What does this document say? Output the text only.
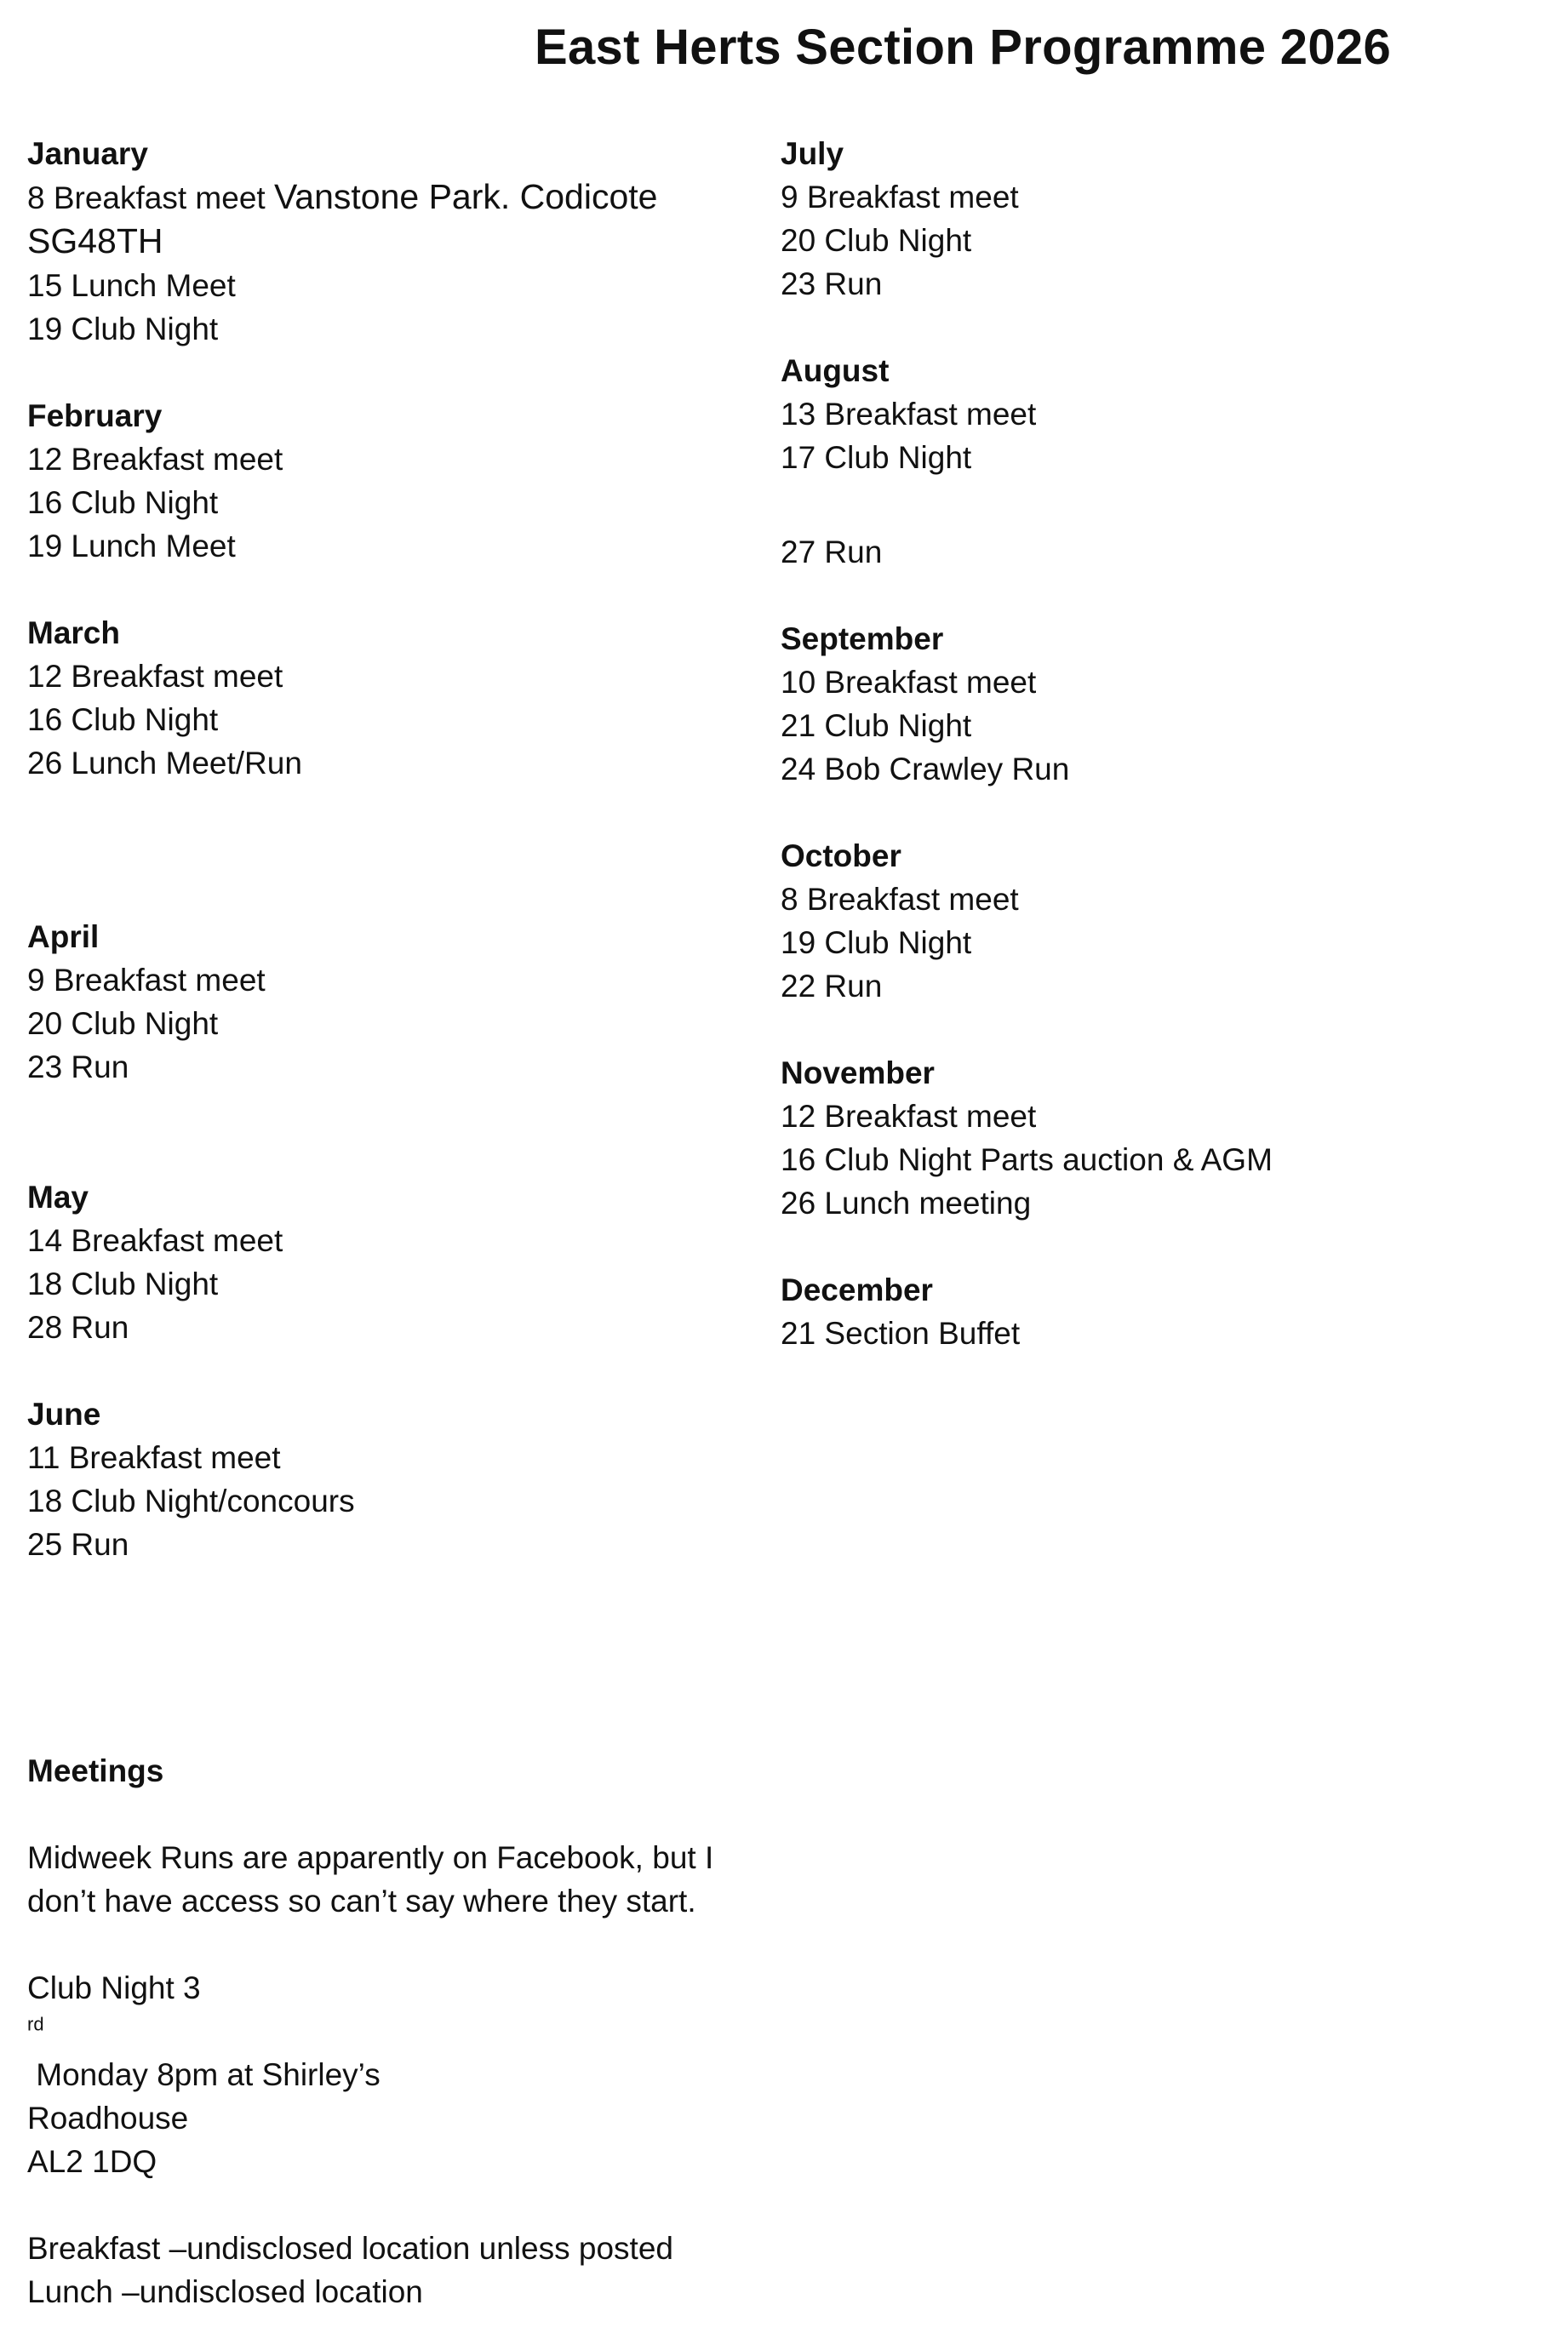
East Herts Section Programme 2026
January
8 Breakfast meet Vanstone Park. Codicote SG48TH
15 Lunch Meet
19 Club Night
February
12 Breakfast meet
16 Club Night
19 Lunch Meet
March
12 Breakfast meet
16 Club Night
26 Lunch Meet/Run
April
9 Breakfast meet
20 Club Night
23 Run
May
14 Breakfast meet
18 Club Night
28 Run
June
11 Breakfast meet
18 Club Night/concours
25 Run
July
9 Breakfast meet
20 Club Night
23 Run
August
13 Breakfast meet
17 Club Night
27 Run
September
10 Breakfast meet
21 Club Night
24 Bob Crawley Run
October
8 Breakfast meet
19 Club Night
22 Run
November
12 Breakfast meet
16 Club Night Parts auction & AGM
26 Lunch meeting
December
21 Section Buffet
Meetings
Midweek Runs are apparently on Facebook, but I
don’t have access so can’t say where they start.
Club Night 3
$^{rd}$
Monday 8pm at Shirley’s
Roadhouse
AL2 1DQ
Breakfast –undisclosed location unless posted
Lunch –undisclosed location
